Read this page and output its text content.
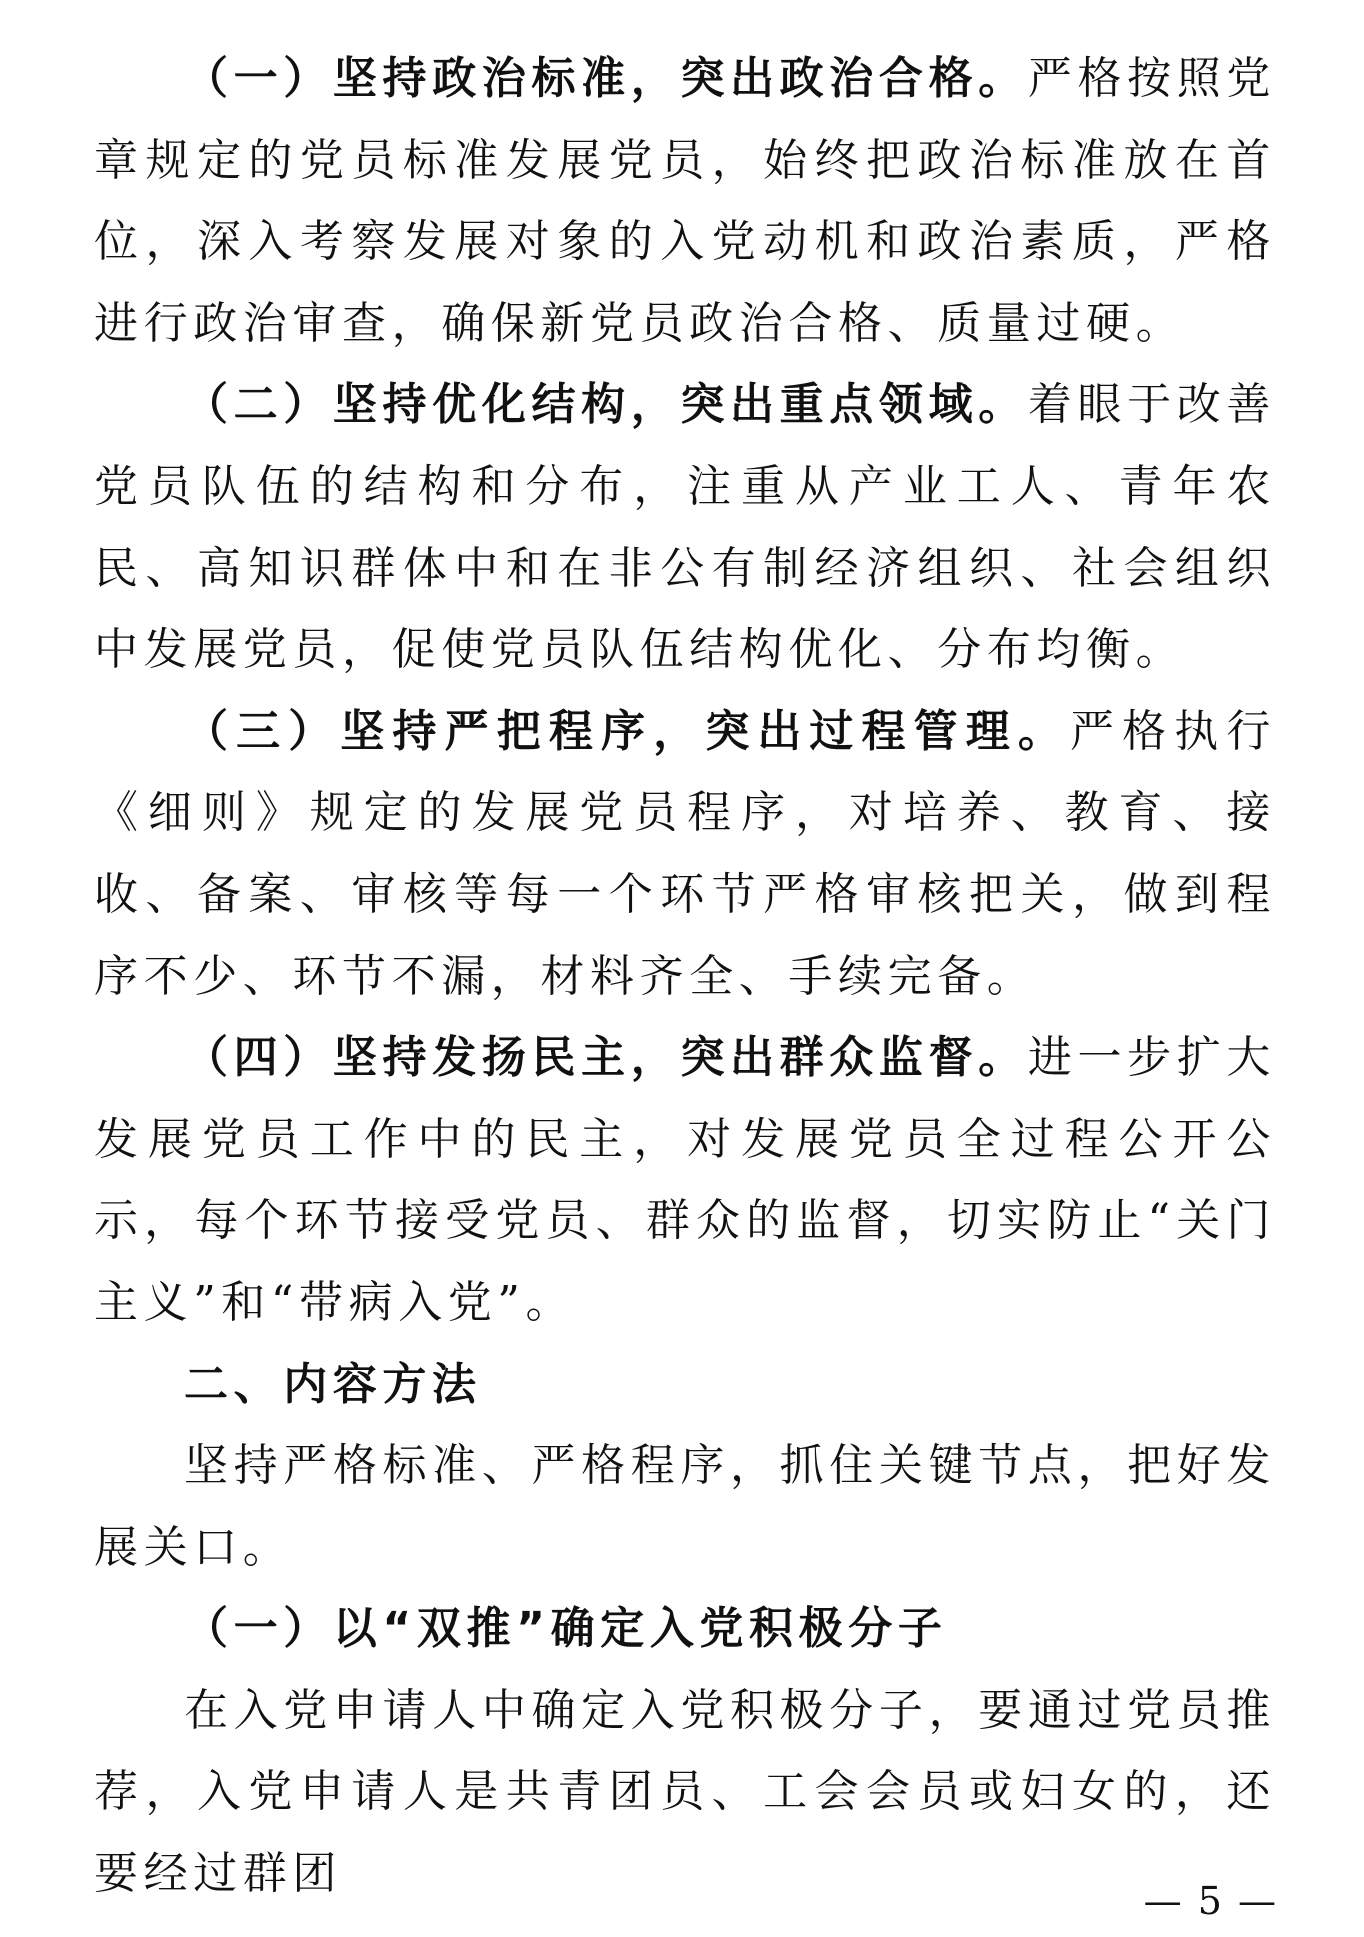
（一）坚持政治标准，突出政治合格。严格按照党章规定的党员标准发展党员，始终把政治标准放在首位，深入考察发展对象的入党动机和政治素质，严格进行政治审查，确保新党员政治合格、质量过硬。

（二）坚持优化结构，突出重点领域。着眼于改善党员队伍的结构和分布，注重从产业工人、青年农民、高知识群体中和在非公有制经济组织、社会组织中发展党员，促使党员队伍结构优化、分布均衡。

（三）坚持严把程序，突出过程管理。严格执行《细则》规定的发展党员程序，对培养、教育、接收、备案、审核等每一个环节严格审核把关，做到程序不少、环节不漏，材料齐全、手续完备。

（四）坚持发扬民主，突出群众监督。进一步扩大发展党员工作中的民主，对发展党员全过程公开公示，每个环节接受党员、群众的监督，切实防止“关门主义”和“带病入党”。

二、内容方法

坚持严格标准、严格程序，抓住关键节点，把好发展关口。

（一）以“双推”确定入党积极分子

在入党申请人中确定入党积极分子，要通过党员推荐，入党申请人是共青团员、工会会员或妇女的，还要经过群团

— 5 —
